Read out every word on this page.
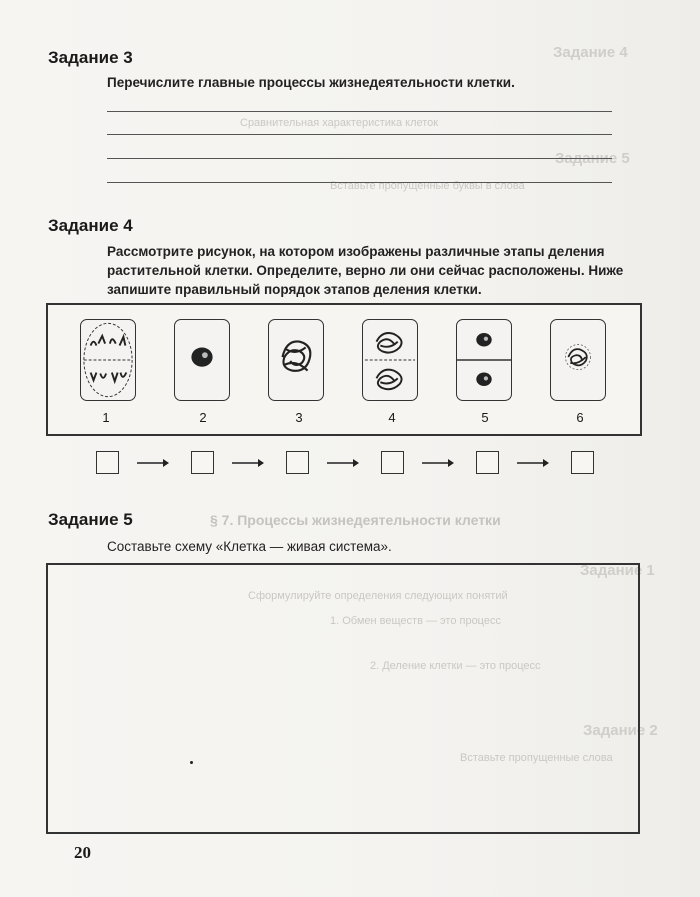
Задание 4
Сравнительная характеристика клеток
Задание 5
Вставьте пропущенные буквы в слова
§ 7. Процессы жизнедеятельности клетки
Задание 1
Сформулируйте определения следующих понятий
1. Обмен веществ — это процесс
2. Деление клетки — это процесс
Задание 2
Вставьте пропущенные слова
Задание 3
Перечислите главные процессы жизнедеятельности клетки.
Задание 4
Рассмотрите рисунок, на котором изображены различные этапы деления
растительной клетки. Определите, верно ли они сейчас расположены. Ниже
запишите правильный порядок этапов деления клетки.
1	2	3	4	5	6
Задание 5
Составьте схему «Клетка — живая система».
20
